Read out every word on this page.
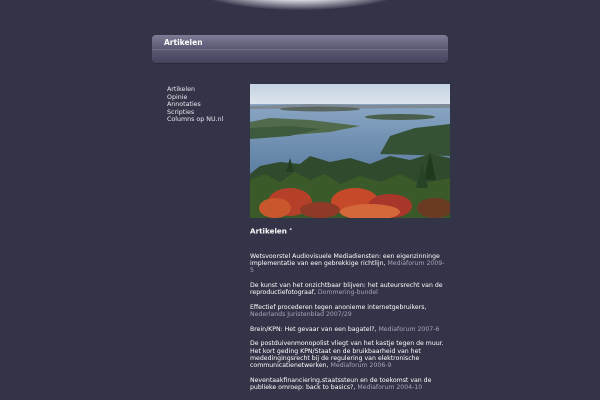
Artikelen
Artikelen
Opinie
Annotaties
Scripties
Columns op NU.nl
Artikelen ▴
Wetsvoorstel Audiovisuele Mediadiensten: een eigenzinninge implementatie van een gebrekkige richtlijn, Mediaforum 2009-5
De kunst van het onzichtbaar blijven: het auteursrecht van de reproductiefotograaf, Dommering-bundel
Effectief procederen tegen anonieme internetgebruikers, Nederlands Juristenblad 2007/29
Brein/KPN: Het gevaar van een bagatel?, Mediaforum 2007-6
De postduivenmonopolist vliegt van het kastje tegen de muur. Het kort geding KPN/Staat en de bruikbaarheid van het mededingingsrecht bij de regulering van elektronische communicatienetwerken, Mediaforum 2006-9
Neventaakfinanciering,staatssteun en de toekomst van de publieke omroep: back to basics?, Mediaforum 2004-10
